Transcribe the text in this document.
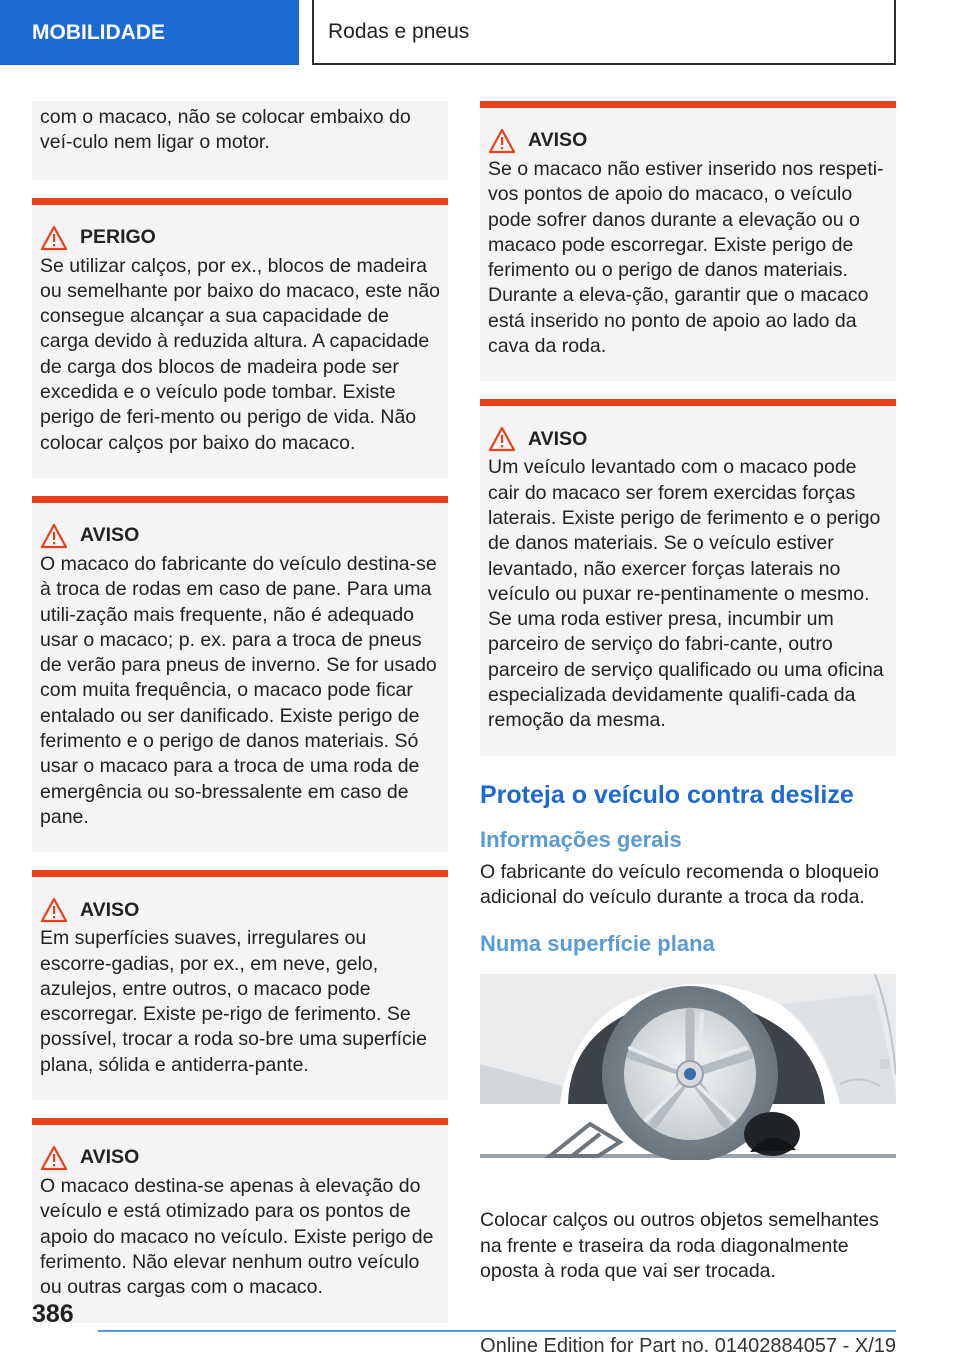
MOBILIDADE	Rodas e pneus

com o macaco, não se colocar embaixo do veí-culo nem ligar o motor.

PERIGO

Se utilizar calços, por ex., blocos de madeira ou semelhante por baixo do macaco, este não consegue alcançar a sua capacidade de carga devido à reduzida altura. A capacidade de carga dos blocos de madeira pode ser excedida e o veículo pode tombar. Existe perigo de feri-mento ou perigo de vida. Não colocar calços por baixo do macaco.

AVISO

O macaco do fabricante do veículo destina-se à troca de rodas em caso de pane. Para uma utili-zação mais frequente, não é adequado usar o macaco; p. ex. para a troca de pneus de verão para pneus de inverno. Se for usado com muita frequência, o macaco pode ficar entalado ou ser danificado. Existe perigo de ferimento e o perigo de danos materiais. Só usar o macaco para a troca de uma roda de emergência ou so-bressalente em caso de pane.

AVISO

Em superfícies suaves, irregulares ou escorre-gadias, por ex., em neve, gelo, azulejos, entre outros, o macaco pode escorregar. Existe pe-rigo de ferimento. Se possível, trocar a roda so-bre uma superfície plana, sólida e antiderra-pante.

AVISO

O macaco destina-se apenas à elevação do veículo e está otimizado para os pontos de apoio do macaco no veículo. Existe perigo de ferimento. Não elevar nenhum outro veículo ou outras cargas com o macaco.

AVISO

Se o macaco não estiver inserido nos respeti-vos pontos de apoio do macaco, o veículo pode sofrer danos durante a elevação ou o macaco pode escorregar. Existe perigo de ferimento ou o perigo de danos materiais. Durante a eleva-ção, garantir que o macaco está inserido no ponto de apoio ao lado da cava da roda.

AVISO

Um veículo levantado com o macaco pode cair do macaco ser forem exercidas forças laterais. Existe perigo de ferimento e o perigo de danos materiais. Se o veículo estiver levantado, não exercer forças laterais no veículo ou puxar re-pentinamente o mesmo. Se uma roda estiver presa, incumbir um parceiro de serviço do fabri-cante, outro parceiro de serviço qualificado ou uma oficina especializada devidamente qualifi-cada da remoção da mesma.

Proteja o veículo contra deslize
Informações gerais

O fabricante do veículo recomenda o bloqueio adicional do veículo durante a troca da roda.

Numa superfície plana

Colocar calços ou outros objetos semelhantes na frente e traseira da roda diagonalmente oposta à roda que vai ser trocada.

386
Online Edition for Part no. 01402884057 - X/19
